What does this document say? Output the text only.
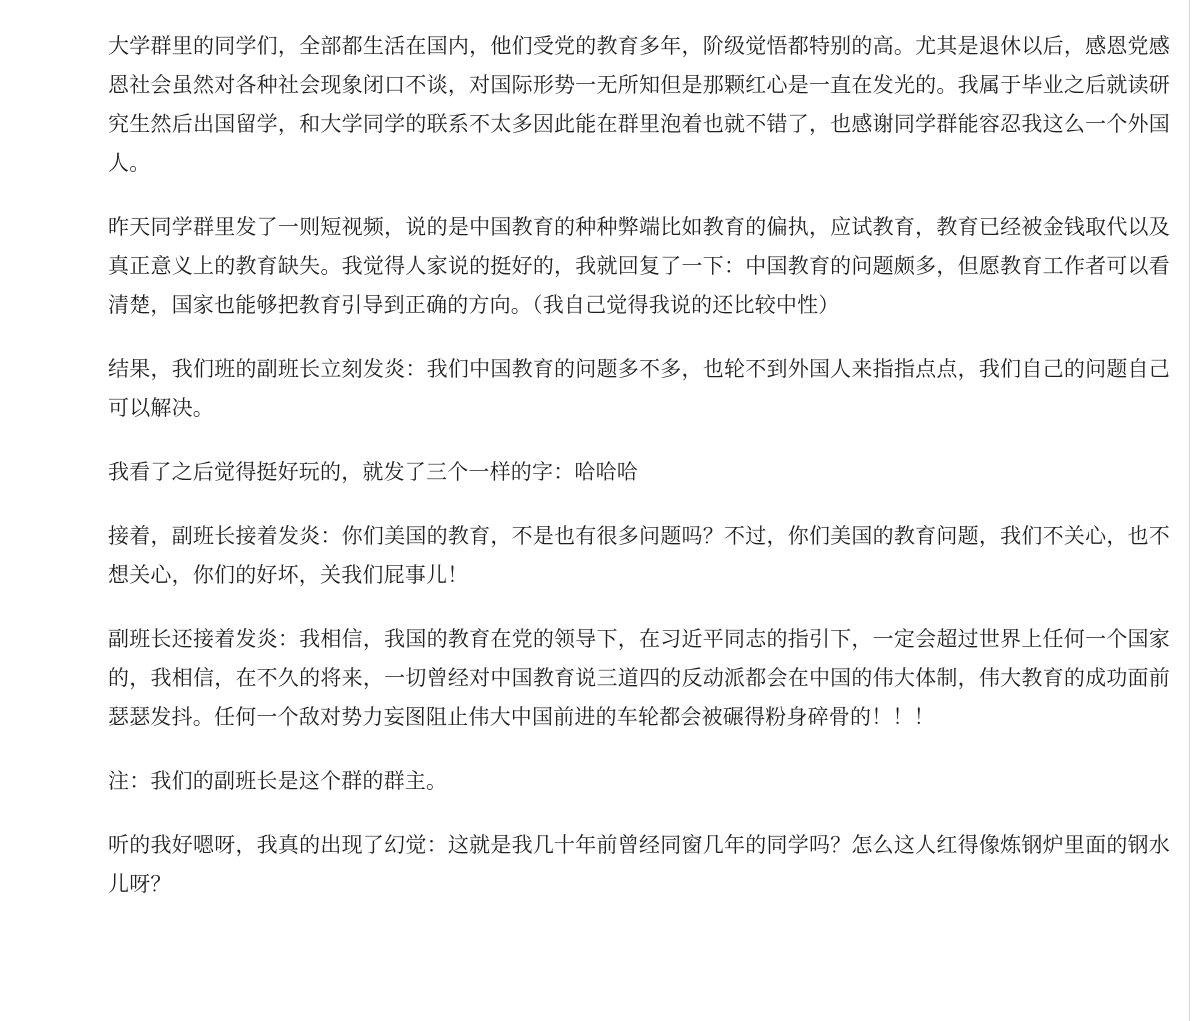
大学群里的同学们，全部都生活在国内，他们受党的教育多年，阶级觉悟都特别的高。尤其是退休以后，感恩党感恩社会虽然对各种社会现象闭口不谈，对国际形势一无所知但是那颗红心是一直在发光的。我属于毕业之后就读研究生然后出国留学，和大学同学的联系不太多因此能在群里泡着也就不错了，也感谢同学群能容忍我这么一个外国人。

昨天同学群里发了一则短视频，说的是中国教育的种种弊端比如教育的偏执，应试教育，教育已经被金钱取代以及真正意义上的教育缺失。我觉得人家说的挺好的，我就回复了一下：中国教育的问题颇多，但愿教育工作者可以看清楚，国家也能够把教育引导到正确的方向。（我自己觉得我说的还比较中性）

结果，我们班的副班长立刻发炎：我们中国教育的问题多不多，也轮不到外国人来指指点点，我们自己的问题自己可以解决。

我看了之后觉得挺好玩的，就发了三个一样的字：哈哈哈

接着，副班长接着发炎：你们美国的教育，不是也有很多问题吗？不过，你们美国的教育问题，我们不关心，也不想关心，你们的好坏，关我们屁事儿！

副班长还接着发炎：我相信，我国的教育在党的领导下，在习近平同志的指引下，一定会超过世界上任何一个国家的，我相信，在不久的将来，一切曾经对中国教育说三道四的反动派都会在中国的伟大体制，伟大教育的成功面前瑟瑟发抖。任何一个敌对势力妄图阻止伟大中国前进的车轮都会被碾得粉身碎骨的！！！

注：我们的副班长是这个群的群主。

听的我好嗯呀，我真的出现了幻觉：这就是我几十年前曾经同窗几年的同学吗？怎么这人红得像炼钢炉里面的钢水儿呀？
